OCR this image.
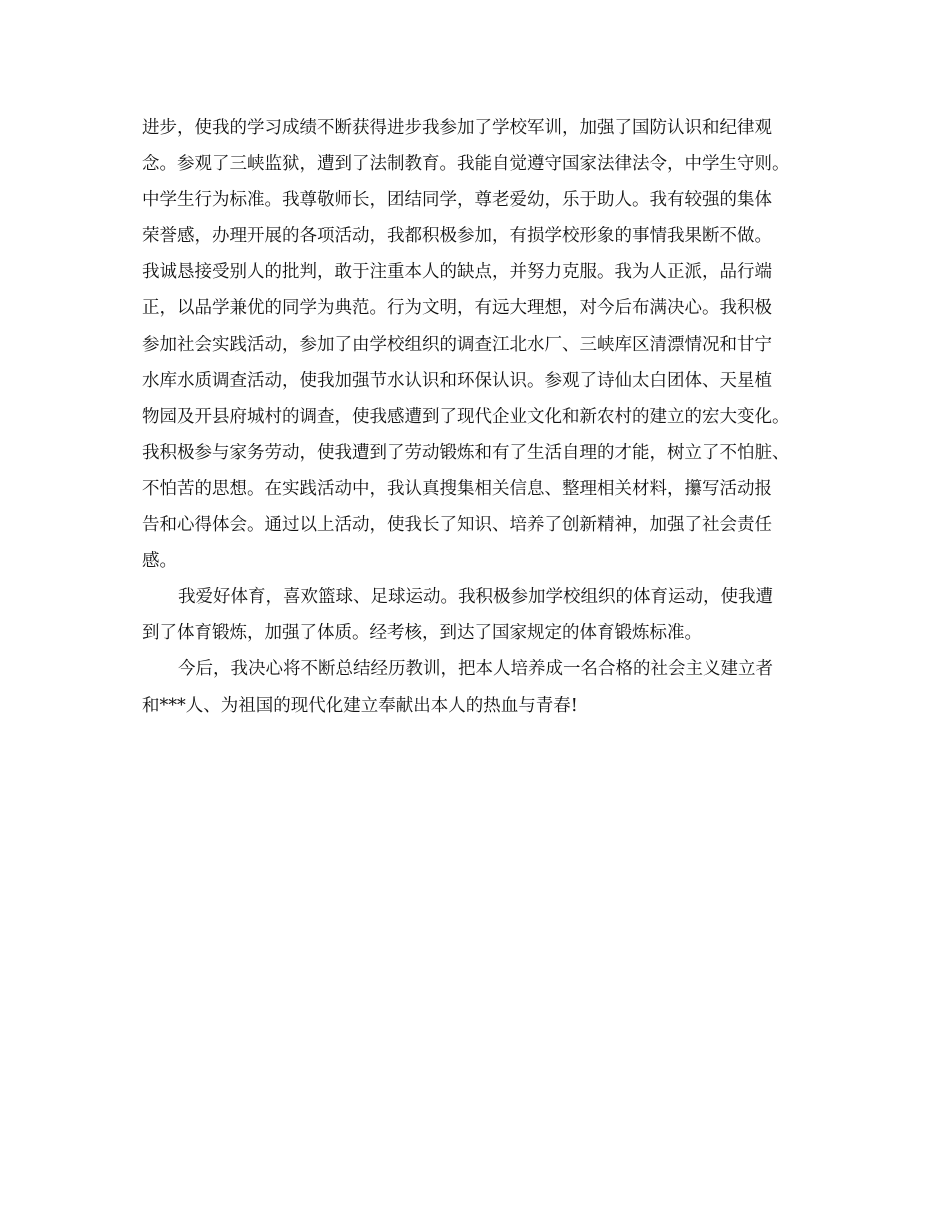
进步，使我的学习成绩不断获得进步我参加了学校军训，加强了国防认识和纪律观
念。参观了三峡监狱，遭到了法制教育。我能自觉遵守国家法律法令，中学生守则。
中学生行为标准。我尊敬师长，团结同学，尊老爱幼，乐于助人。我有较强的集体
荣誉感，办理开展的各项活动，我都积极参加，有损学校形象的事情我果断不做。
我诚恳接受别人的批判，敢于注重本人的缺点，并努力克服。我为人正派，品行端
正，以品学兼优的同学为典范。行为文明，有远大理想，对今后布满决心。我积极
参加社会实践活动，参加了由学校组织的调查江北水厂、三峡库区清漂情况和甘宁
水库水质调查活动，使我加强节水认识和环保认识。参观了诗仙太白团体、天星植
物园及开县府城村的调查，使我感遭到了现代企业文化和新农村的建立的宏大变化。
我积极参与家务劳动，使我遭到了劳动锻炼和有了生活自理的才能，树立了不怕脏、
不怕苦的思想。在实践活动中，我认真搜集相关信息、整理相关材料，攥写活动报
告和心得体会。通过以上活动，使我长了知识、培养了创新精神，加强了社会责任
感。
我爱好体育，喜欢篮球、足球运动。我积极参加学校组织的体育运动，使我遭
到了体育锻炼，加强了体质。经考核，到达了国家规定的体育锻炼标准。
今后，我决心将不断总结经历教训，把本人培养成一名合格的社会主义建立者
和***人、为祖国的现代化建立奉献出本人的热血与青春!
